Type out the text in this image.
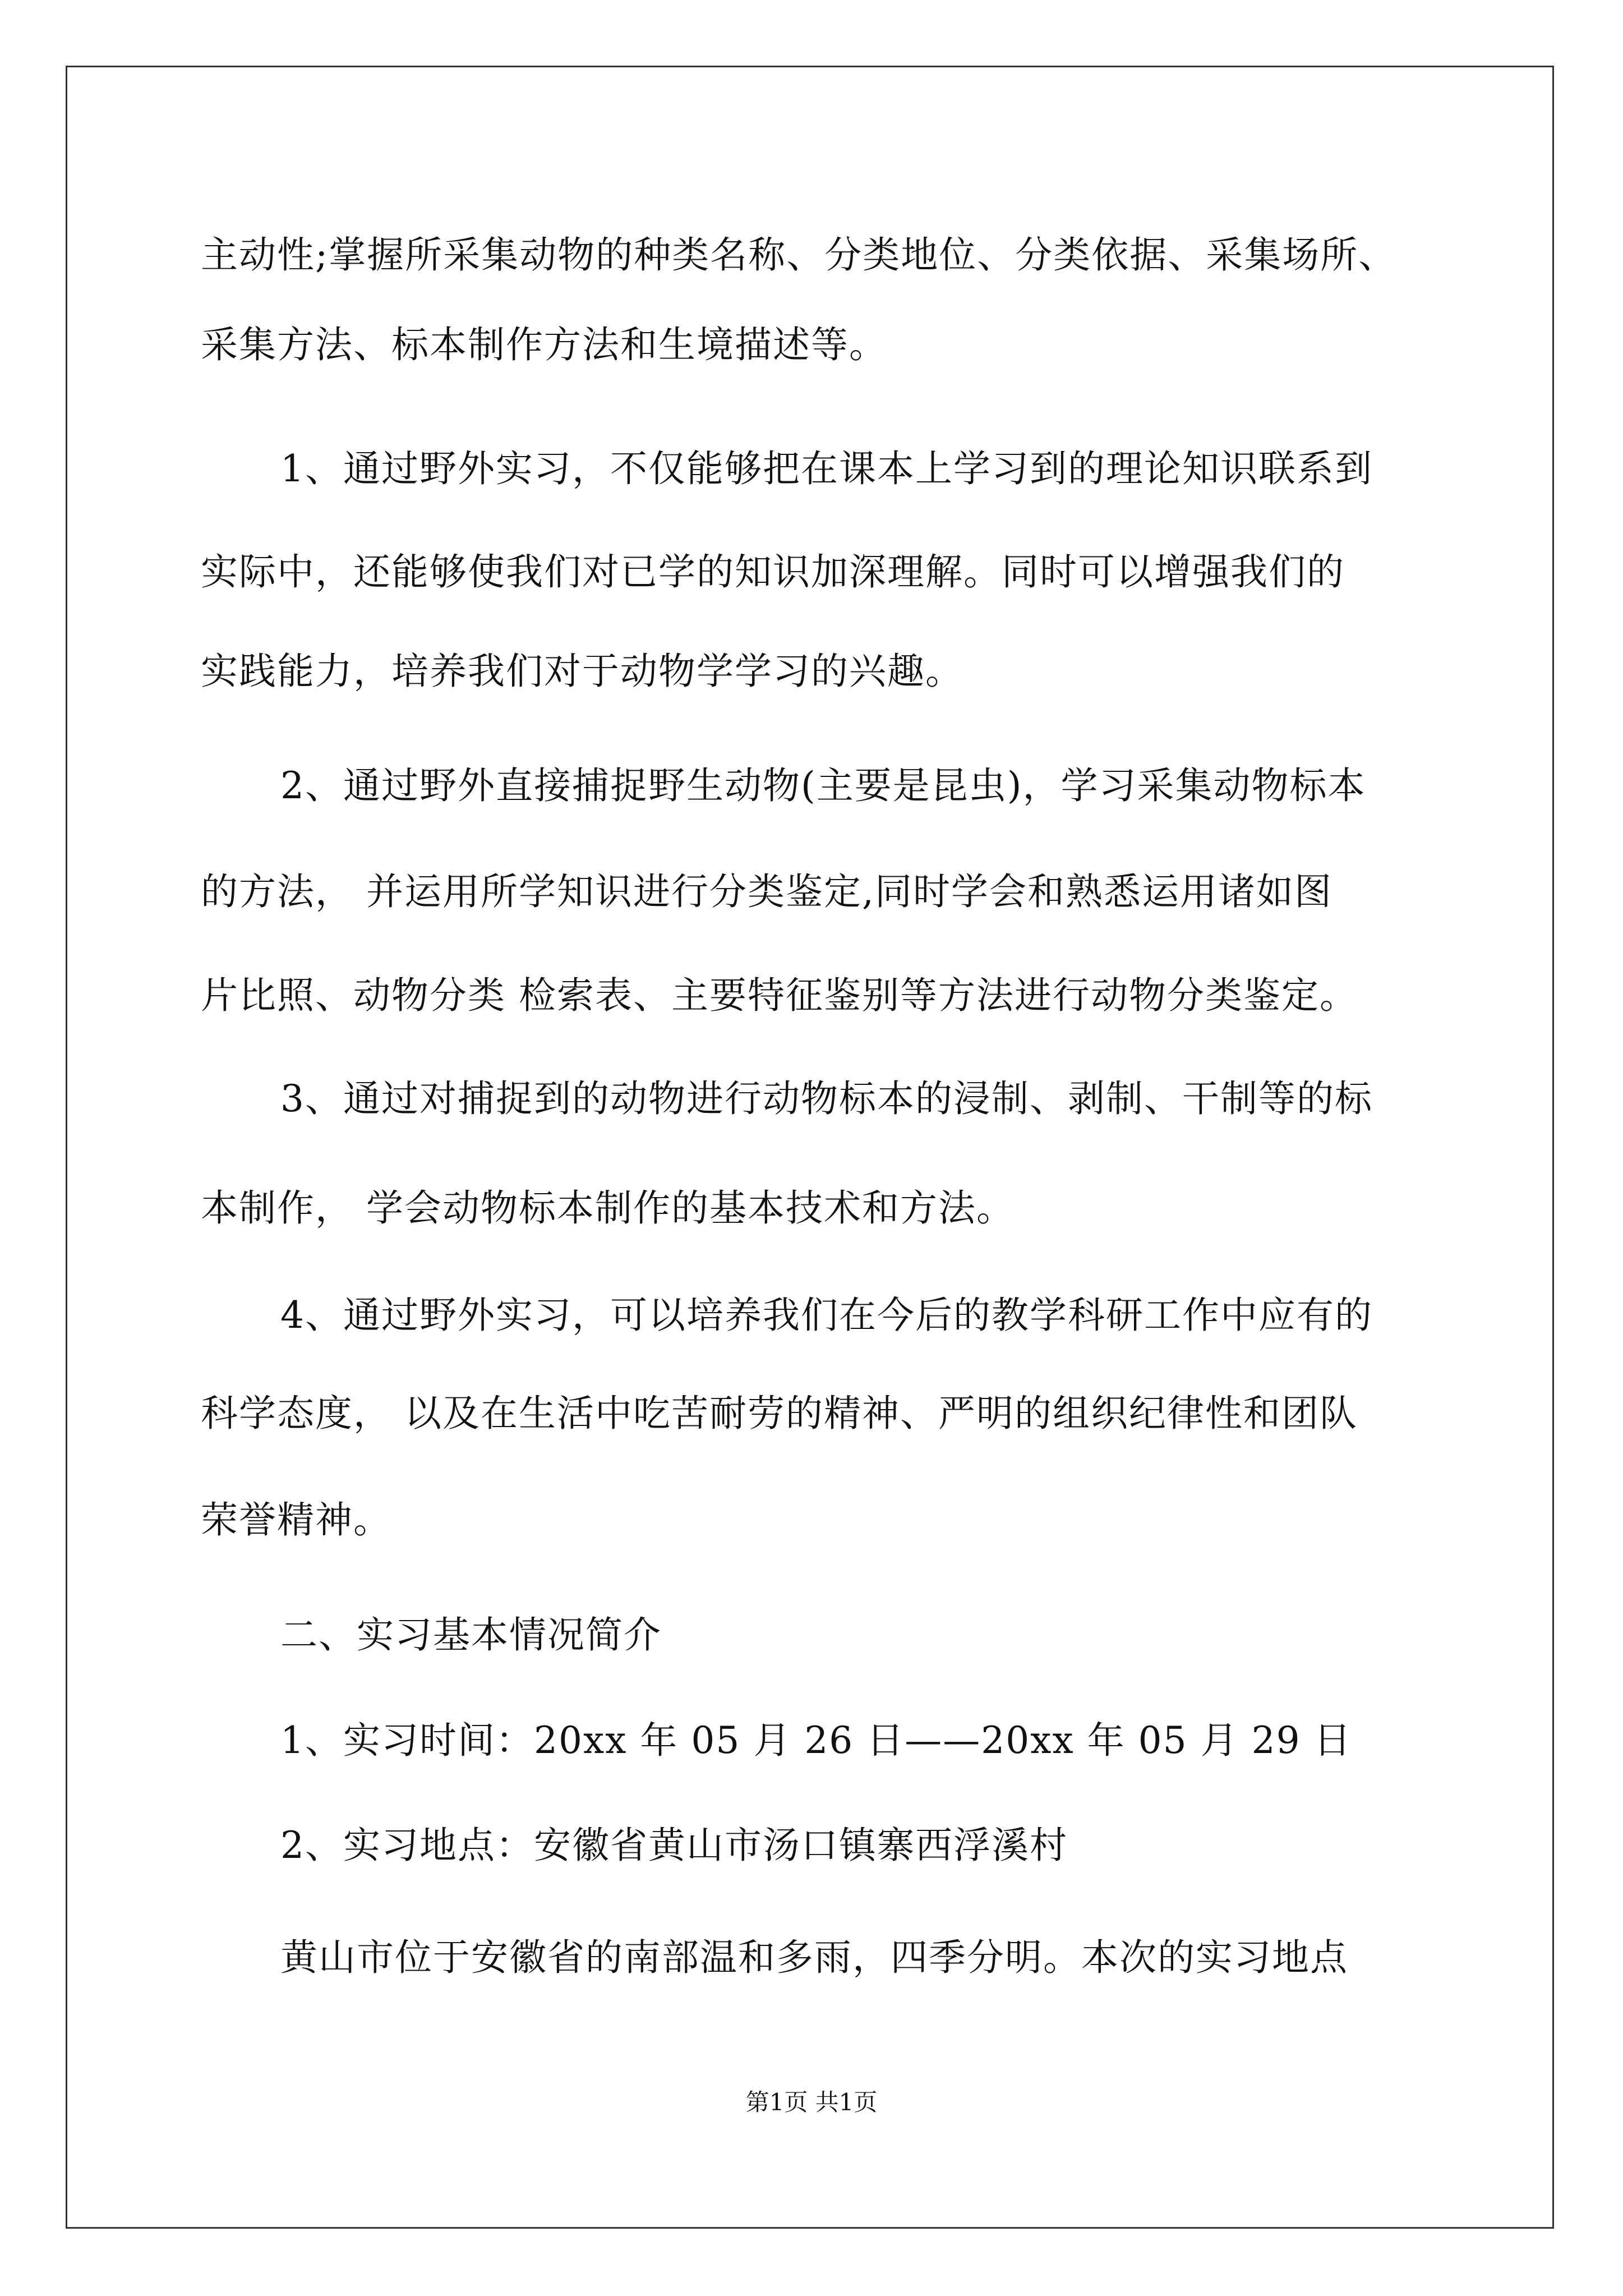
主动性;掌握所采集动物的种类名称、分类地位、分类依据、采集场所、
采集方法、标本制作方法和生境描述等。
1、通过野外实习，不仅能够把在课本上学习到的理论知识联系到
实际中，还能够使我们对已学的知识加深理解。同时可以增强我们的
实践能力，培养我们对于动物学学习的兴趣。
2、通过野外直接捕捉野生动物(主要是昆虫)，学习采集动物标本
的方法， 并运用所学知识进行分类鉴定,同时学会和熟悉运用诸如图
片比照、动物分类 检索表、主要特征鉴别等方法进行动物分类鉴定。
3、通过对捕捉到的动物进行动物标本的浸制、剥制、干制等的标
本制作， 学会动物标本制作的基本技术和方法。
4、通过野外实习，可以培养我们在今后的教学科研工作中应有的
科学态度， 以及在生活中吃苦耐劳的精神、严明的组织纪律性和团队
荣誉精神。
二、实习基本情况简介
1、实习时间：20xx 年 05 月 26 日——20xx 年 05 月 29 日
2、实习地点：安徽省黄山市汤口镇寨西浮溪村
黄山市位于安徽省的南部温和多雨，四季分明。本次的实习地点
第1页 共1页
